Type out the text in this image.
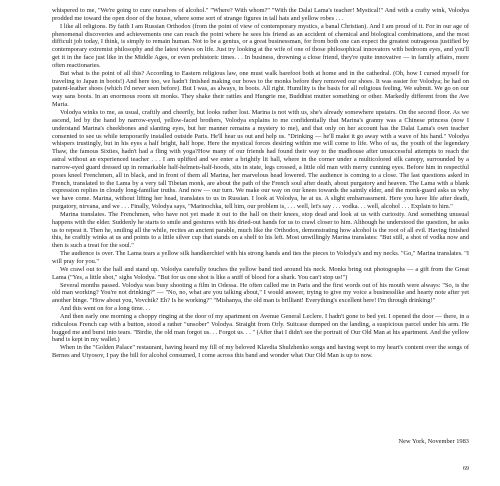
whispered to me, "We're going to cure ourselves of alcohol." "Where? With whom?" "With the Dalai Lama's teacher! Mystical!" And with a crafty wink, Volodya prodded me toward the open door of the house, where some sort of strange figures in tall hats and yellow robes . . .

I like all religions. By faith I am Russian Orthodox (from the point of view of contemporary mystics, a banal Christian). And I am proud of it. For in our age of phenomenal discoveries and achievements one can reach the point where he sees his friend as an accident of chemical and biological combinations, and the most difficult job today, I think, is simply to remain human. Not to be a genius, or a great businessman, for from both one can expect the greatest outrageous justified by contemporary extremist philosophy and the latest views on life. Just try looking at the wife of one of those philosophical innovators with bedroom eyes, and you'll get it in the face just like in the Middle Ages, or even prehistoric times. . . In business, drowning a close friend, they're quite innovative — in family affairs, more often reactionaries.

But what is the point of all this? According to Eastern religious law, one must walk barefoot both at home and in the cathedral. (Oh, how I cursed myself for traveling to Japan in boots!) And here too, we hadn't finished making our bows to the monks before they removed our shoes. It was easier for Volodya; he had on patent-leather shoes (which I'd never seen before). But I was, as always, in boots. All right. Humility is the basis for all religious feeling. We submit. We go on our way sans boots. In an enormous room sit monks. They shake their rattles and Hungrie me, Buddhist mutter something or other. Markedly different from the Ave Maria.

Volodya winks to me, as usual, craftily and cheerily, but looks rather lost. Marina is not with us, she's already somewhere upstairs. On the second floor. As we ascend, led by the hand by narrow-eyed, yellow-faced brothers, Volodya explains to me confidentially that Marina's granny was a Chinese princess (now I understand Marina's cheekbones and slanting eyes, but her manner remains a mystery to me), and that only on her account has the Dalai Lama's own teacher consented to see us while temporarily installed outside Paris. He'll hear us out and help us. "Drinking — he'll make it go away with a wave of his hand." Volodya whispers trustingly, but in his eyes a half bright, half hope. Here the mystical forces desiring within me will come to life. Who of us, the youth of the legendary Thaw, the famous Sixties, hadn't had a fling with yoga?How many of our friends had found their way to the madhouse after unsuccessful attempts to reach the astral without an experienced teacher . . . I am uplifted and we enter a brightly lit hall, where in the corner under a multicolored silk canopy, surrounded by a narrow-eyed guard dressed up in remarkable half-helmets-half-hoods, sits in state, legs crossed, a little old man with merry cunning eyes. Before him in respectful poses kneel Frenchmen, all in black, and in front of them all Marina, her marvelous head lowered. The audience is coming to a close. The last questions asked in French, translated to the Lama by a very tall Tibetan monk, are about the path of the French soul after death, about purgatory and heaven. The Lama with a blank expression replies in cloudy long-familiar truths. And now — our turn. We make our way on our knees towards the saintly elder, and the monk-guard asks us why we have come. Marina, without lifting her head, translates to us in Russian. I look at Volodya, he at us. A slight embarrassment. Here you have life after death, purgatory, nirvana, and we . . . Finally, Volodya says, "Marinochka, tell him, our problem is, . . . well, let's say . . . vodka. . . well, alcohol . . . Explain to him."

Marina translates. The Frenchmen, who have not yet made it out to the hall on their knees, stop dead and look at us with curiosity. And something unusual happens with the elder. Suddenly he starts to smile and gestures with his dried-out hands for us to crawl closer to him. Although he understood the question, he asks us to repeat it. Then he, smiling all the while, recites an ancient parable, much like the Orthodox, demonstrating how alcohol is the root of all evil. Having finished this, he craftily winks at us and points to a little silver cup that stands on a shelf to his left. Most unwillingly Marina translates: "But still, a shot of vodka now and then is such a treat for the soul."

The audience is over. The Lama tears a yellow silk handkerchief with his strong hands and ties the pieces to Volodya's and my necks. "Go," Marina translates. "I will pray for you."

We crawl out to the hall and stand up. Volodya carefully touches the yellow band tied around his neck. Monks bring out photographs — a gift from the Great Lama ("Yes, a little shot," sighs Volodya. "But for us one shot is like a sniff of blood for a shark. You can't stop us!")

Several months passed. Volodya was busy shooting a film in Odessa. He often called me in Paris and the first words out of his mouth were always: "So, is the old man working? You're not drinking?" — "No, no, what are you talking about," I would answer, trying to give my voice a businesslike and hearty note after yet another binge. "How about you, Vovchik? Eh? Is he working?" "Mishanya, the old man is brilliant! Everything's excellent here! I'm through drinking!"

And this went on for a long time. . .

And then early one morning a choppy ringing at the door of my apartment on Avenue General Leclere. I hadn't gone to bed yet. I opened the door — there, in a ridiculous French cap with a button, stood a rather "unsober" Volodya. Straight from Orly. Suitcase dumped on the landing, a suspicious parcel under his arm. He hugged me and burst into tears. "Birdie, the old man forgot us. . . Forgot us. . . " (After that I didn't see the portrait of Our Old Man at his apartment. And the yellow band is kept in my wallet.)

When in the "Golden Palace" restaurant, having heard my fill of my beloved Klavdia Shulzhenko songs and having wept to my heart's content over the songs of Bernes and Utyosov, I pay the bill for alcohol consumed, I come across this band and wonder what Our Old Man is up to now.

New York, November 1983
69
